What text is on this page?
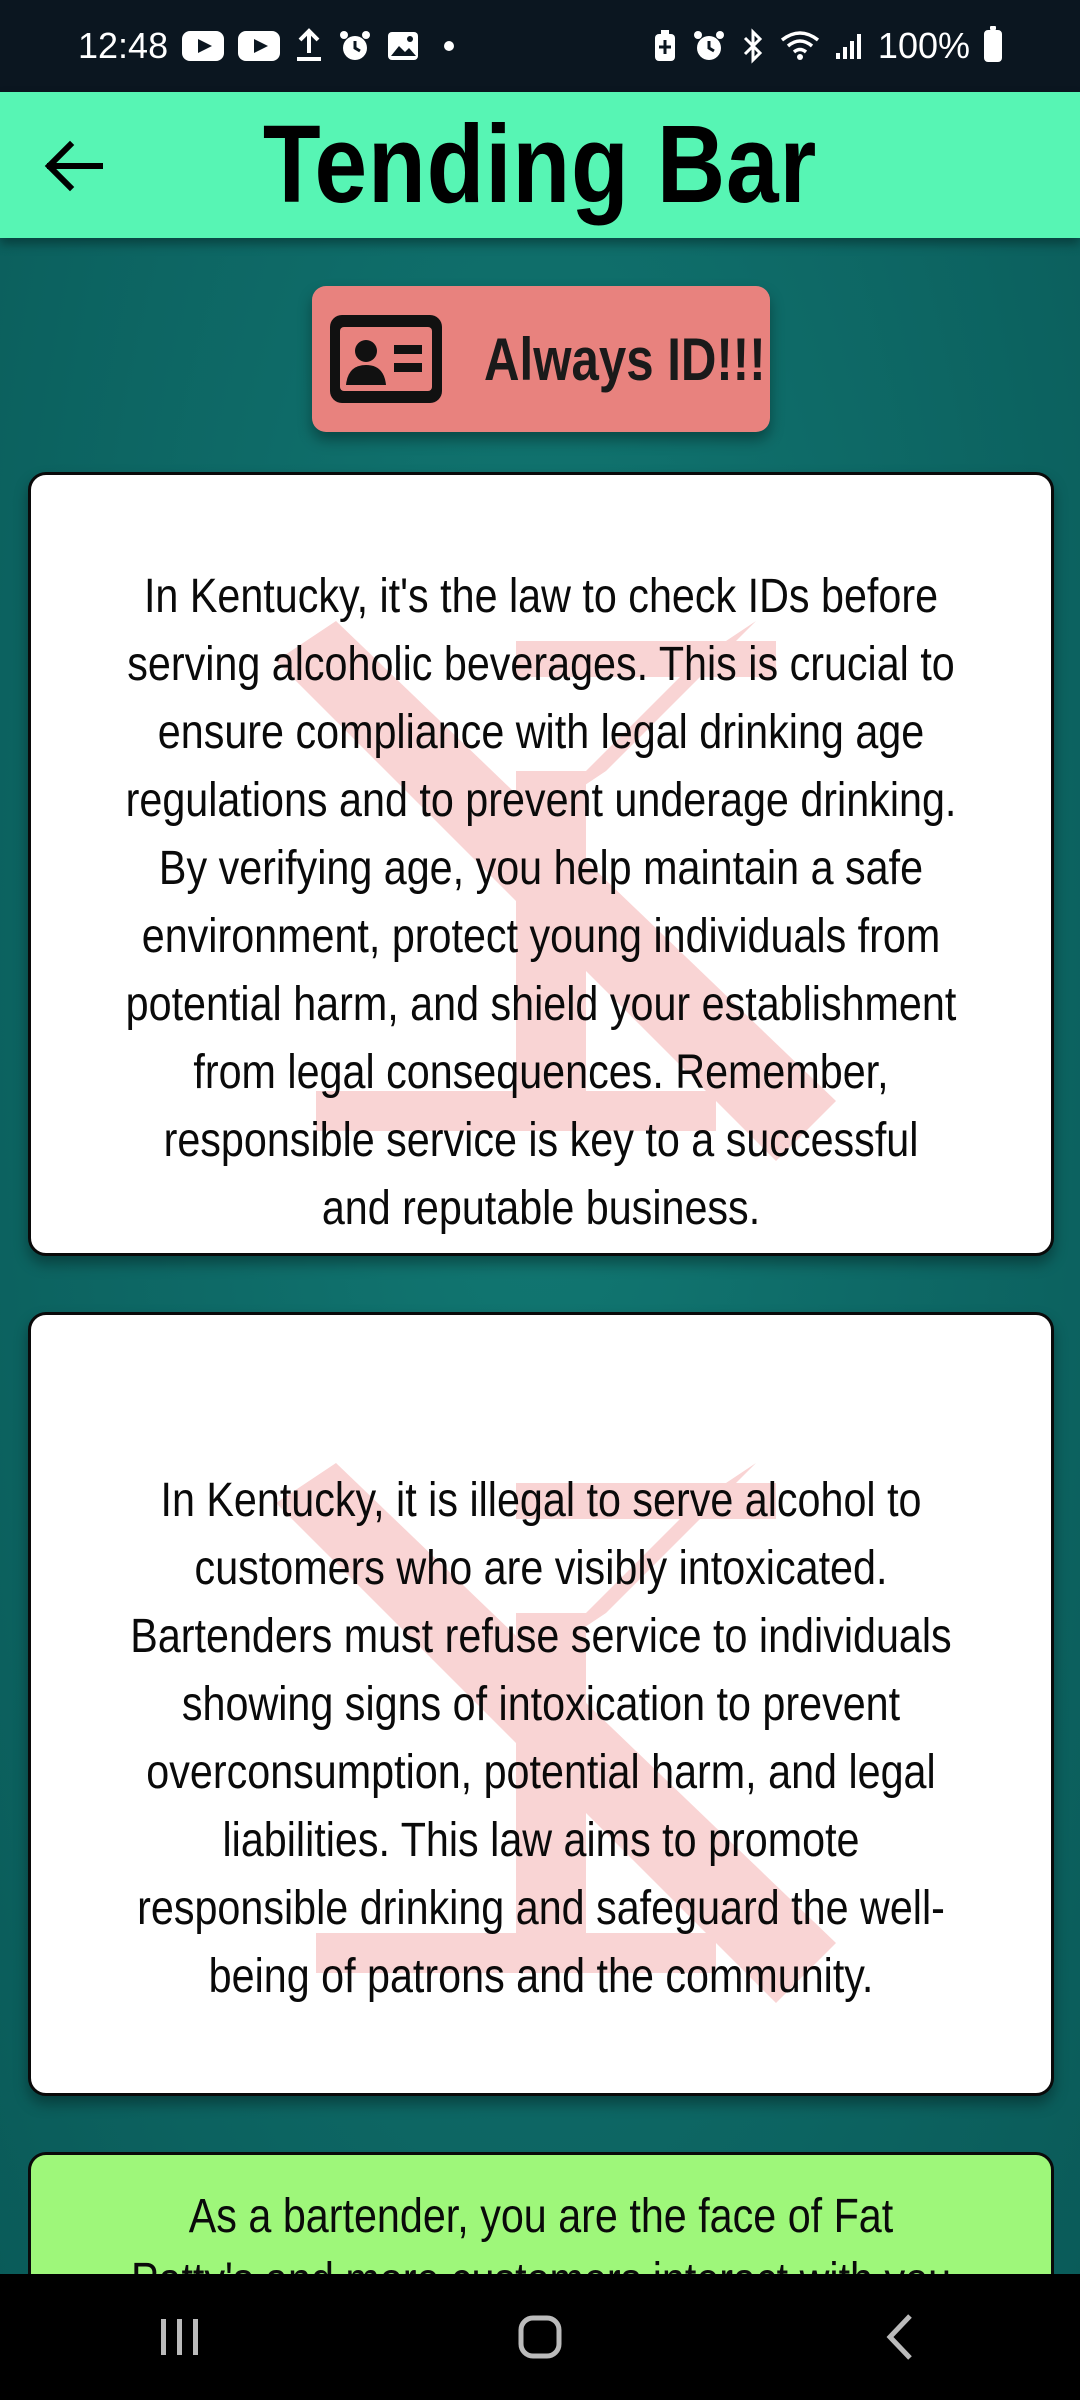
12:48	100%
Tending Bar
Always ID!!!
In Kentucky, it's the law to check IDs before serving alcoholic beverages. This is crucial to ensure compliance with legal drinking age regulations and to prevent underage drinking. By verifying age, you help maintain a safe environment, protect young individuals from potential harm, and shield your establishment from legal consequences. Remember, responsible service is key to a successful and reputable business.
In Kentucky, it is illegal to serve alcohol to customers who are visibly intoxicated. Bartenders must refuse service to individuals showing signs of intoxication to prevent overconsumption, potential harm, and legal liabilities. This law aims to promote responsible drinking and safeguard the well-being of patrons and the community.
As a bartender, you are the face of Fat
